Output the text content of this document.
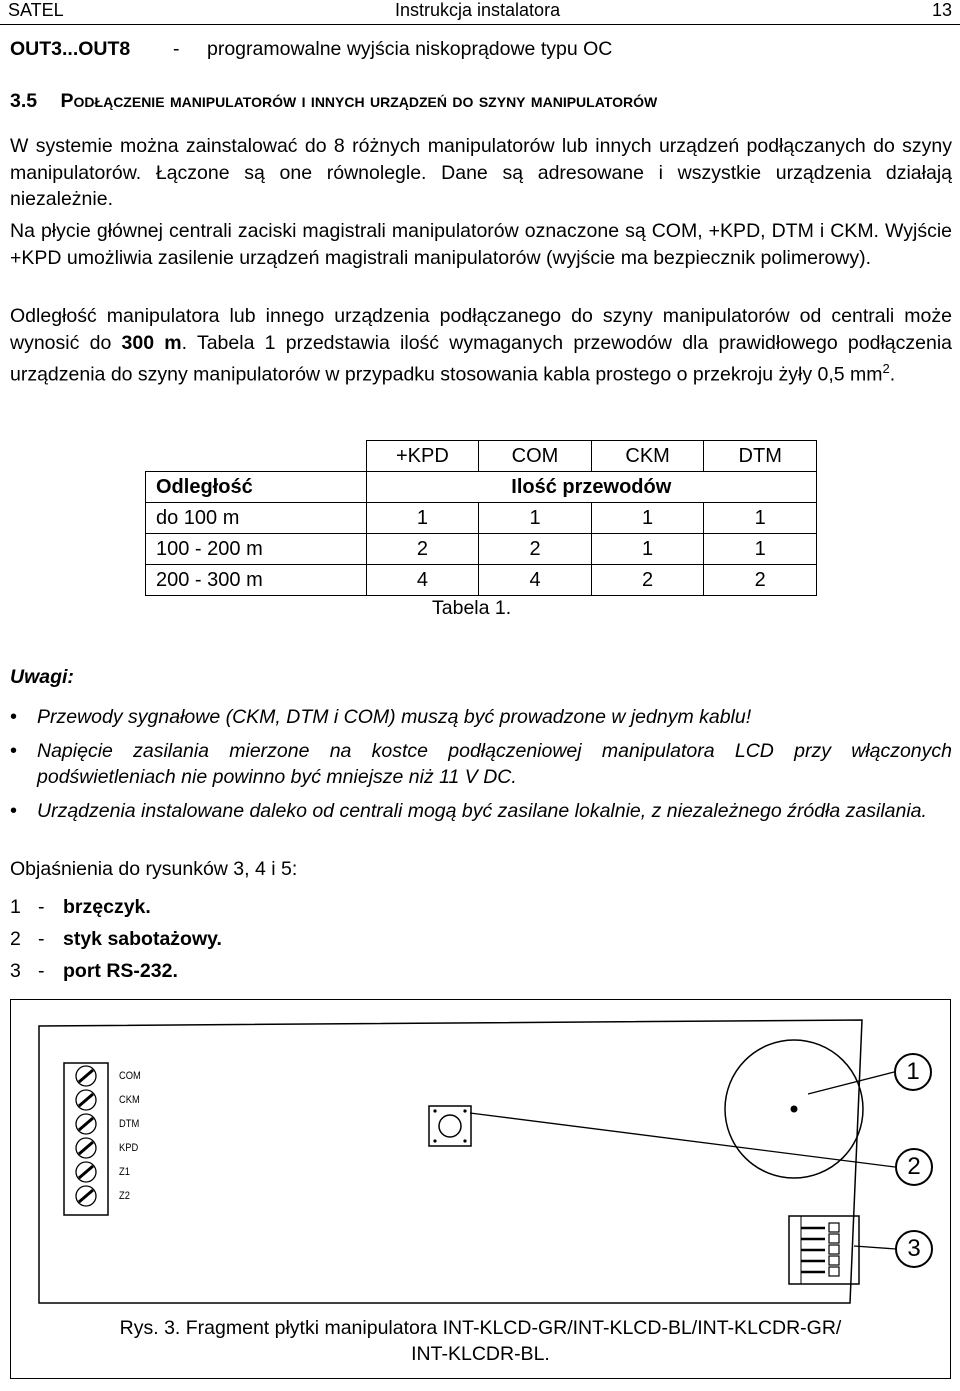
SATEL	Instrukcja instalatora	13
OUT3...OUT8 -	programowalne wyjścia niskoprądowe typu OC
3.5 Podłączenie manipulatorów i innych urządzeń do szyny manipulatorów

W systemie można zainstalować do 8 różnych manipulatorów lub innych urządzeń podłączanych do szyny manipulatorów. Łączone są one równolegle. Dane są adresowane i wszystkie urządzenia działają niezależnie.

Na płycie głównej centrali zaciski magistrali manipulatorów oznaczone są COM, +KPD, DTM i CKM. Wyjście +KPD umożliwia zasilenie urządzeń magistrali manipulatorów (wyjście ma bezpiecznik polimerowy).

Odległość manipulatora lub innego urządzenia podłączanego do szyny manipulatorów od centrali może wynosić do 300 m. Tabela 1 przedstawia ilość wymaganych przewodów dla prawidłowego podłączenia urządzenia do szyny manipulatorów w przypadku stosowania kabla prostego o przekroju żyły 0,5 $mm^2$.

	+KPD	COM	CKM	DTM
Odległość	Ilość przewodów			
do 100 m	1	1	1	1
100 - 200 m	2	2	1	1
200 - 300 m	4	4	2	2
Tabela 1.
Uwagi:
• Przewody sygnałowe (CKM, DTM i COM) muszą być prowadzone w jednym kablu!
• Napięcie zasilania mierzone na kostce podłączeniowej manipulatora LCD przy włączonych podświetleniach nie powinno być mniejsze niż 11 V DC.
• Urządzenia instalowane daleko od centrali mogą być zasilane lokalnie, z niezależnego źródła zasilania.
Objaśnienia do rysunków 3, 4 i 5:
1 - brzęczyk.
2 - styk sabotażowy.
3 - port RS-232.
COM
CKM
DTM
KPD
Z1
Z2
1
2
3
Rys. 3. Fragment płytki manipulatora INT-KLCD-GR/INT-KLCD-BL/INT-KLCDR-GR/
INT-KLCDR-BL.
